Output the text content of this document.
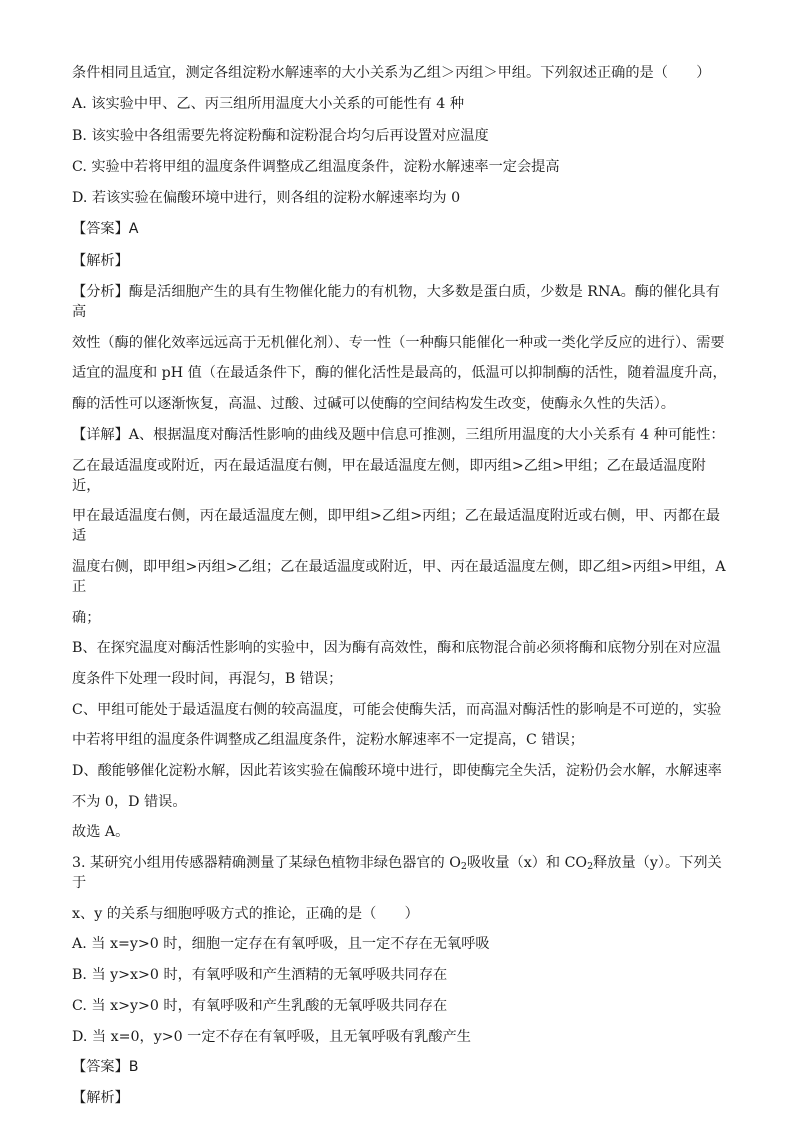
条件相同且适宜，测定各组淀粉水解速率的大小关系为乙组＞丙组＞甲组。下列叙述正确的是（　　）
A. 该实验中甲、乙、丙三组所用温度大小关系的可能性有 4 种
B. 该实验中各组需要先将淀粉酶和淀粉混合均匀后再设置对应温度
C. 实验中若将甲组的温度条件调整成乙组温度条件，淀粉水解速率一定会提高
D. 若该实验在偏酸环境中进行，则各组的淀粉水解速率均为 0
【答案】A
【解析】
【分析】酶是活细胞产生的具有生物催化能力的有机物，大多数是蛋白质，少数是 RNA。酶的催化具有高
效性（酶的催化效率远远高于无机催化剂）、专一性（一种酶只能催化一种或一类化学反应的进行）、需要
适宜的温度和 pH 值（在最适条件下，酶的催化活性是最高的，低温可以抑制酶的活性，随着温度升高，
酶的活性可以逐渐恢复，高温、过酸、过碱可以使酶的空间结构发生改变，使酶永久性的失活）。
【详解】A、根据温度对酶活性影响的曲线及题中信息可推测，三组所用温度的大小关系有 4 种可能性：
乙在最适温度或附近，丙在最适温度右侧，甲在最适温度左侧，即丙组>乙组>甲组；乙在最适温度附近，
甲在最适温度右侧，丙在最适温度左侧，即甲组>乙组>丙组；乙在最适温度附近或右侧，甲、丙都在最适
温度右侧，即甲组>丙组>乙组；乙在最适温度或附近，甲、丙在最适温度左侧，即乙组>丙组>甲组，A 正
确；
B、在探究温度对酶活性影响的实验中，因为酶有高效性，酶和底物混合前必须将酶和底物分别在对应温
度条件下处理一段时间，再混匀，B 错误；
C、甲组可能处于最适温度右侧的较高温度，可能会使酶失活，而高温对酶活性的影响是不可逆的，实验
中若将甲组的温度条件调整成乙组温度条件，淀粉水解速率不一定提高，C 错误；
D、酸能够催化淀粉水解，因此若该实验在偏酸环境中进行，即使酶完全失活，淀粉仍会水解，水解速率
不为 0，D 错误。
故选 A。
3. 某研究小组用传感器精确测量了某绿色植物非绿色器官的 $O_2$吸收量（x）和 $CO_2$释放量（y）。下列关于
x、y 的关系与细胞呼吸方式的推论，正确的是（　　）
A. 当 x=y>0 时，细胞一定存在有氧呼吸，且一定不存在无氧呼吸
B. 当 y>x>0 时，有氧呼吸和产生酒精的无氧呼吸共同存在
C. 当 x>y>0 时，有氧呼吸和产生乳酸的无氧呼吸共同存在
D. 当 x=0，y>0 一定不存在有氧呼吸，且无氧呼吸有乳酸产生
【答案】B
【解析】
